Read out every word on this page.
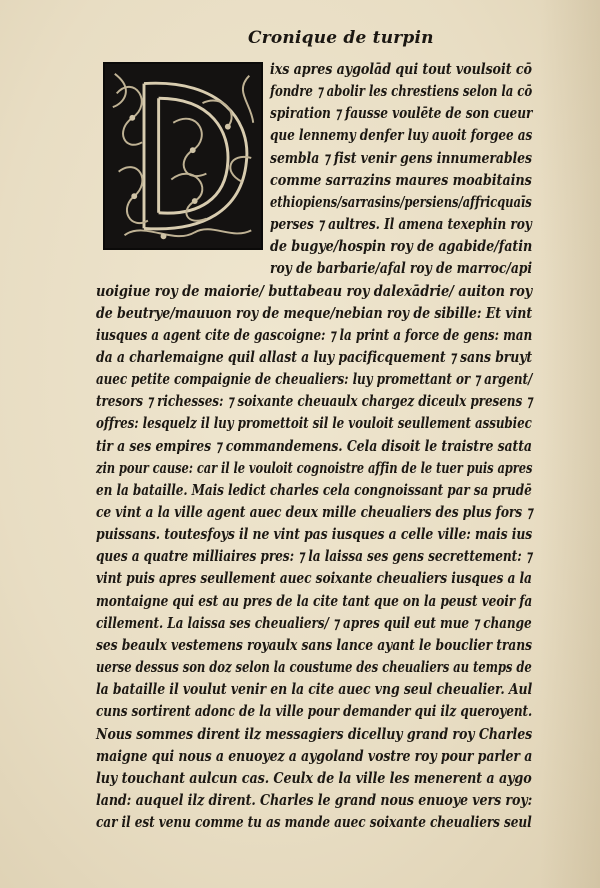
Cronique de turpin
ixs apres aygolād qui tout voulsoit cō
fondre ⁊ abolir les chrestiens selon la cō
spiration ⁊ fausse voulēte de son cueur
que lennemy denfer luy auoit forgee as
sembla ⁊ fist venir gens innumerables
comme sarrazins maures moabitains
ethiopiens/sarrasins/persiens/affricquaīs
perses ⁊ aultres. Il amena texephin roy
de bugye/hospin roy de agabide/fatin
roy de barbarie/afal roy de marroc/api
uoigiue roy de maiorie/ buttabeau roy dalexādrie/ auiton roy
de beutrye/mauuon roy de meque/nebian roy de sibille: Et vint
iusques a agent cite de gascoigne: ⁊ la print a force de gens: man
da a charlemaigne quil allast a luy pacificquement ⁊ sans bruyt
auec petite compaignie de cheualiers: luy promettant or ⁊ argent/
tresors ⁊ richesses: ⁊ soixante cheuaulx chargez diceulx presens ⁊
offres: lesquelz il luy promettoit sil le vouloit seullement assubiec
tir a ses empires ⁊ commandemens. Cela disoit le traistre satta
zin pour cause: car il le vouloit cognoistre affin de le tuer puis apres
en la bataille. Mais ledict charles cela congnoissant par sa prudē
ce vint a la ville agent auec deux mille cheualiers des plus fors ⁊
puissans. toutesfoys il ne vint pas iusques a celle ville: mais ius
ques a quatre milliaires pres: ⁊ la laissa ses gens secrettement: ⁊
vint puis apres seullement auec soixante cheualiers iusques a la
montaigne qui est au pres de la cite tant que on la peust veoir fa
cillement. La laissa ses cheualiers/ ⁊ apres quil eut mue ⁊ change
ses beaulx vestemens royaulx sans lance ayant le bouclier trans
uerse dessus son doz selon la coustume des cheualiers au temps de
la bataille il voulut venir en la cite auec vng seul cheualier. Aul
cuns sortirent adonc de la ville pour demander qui ilz queroyent.
Nous sommes dirent ilz messagiers dicelluy grand roy Charles
maigne qui nous a enuoyez a aygoland vostre roy pour parler a
luy touchant aulcun cas. Ceulx de la ville les menerent a aygo
land: auquel ilz dirent. Charles le grand nous enuoye vers roy:
car il est venu comme tu as mande auec soixante cheualiers seul
